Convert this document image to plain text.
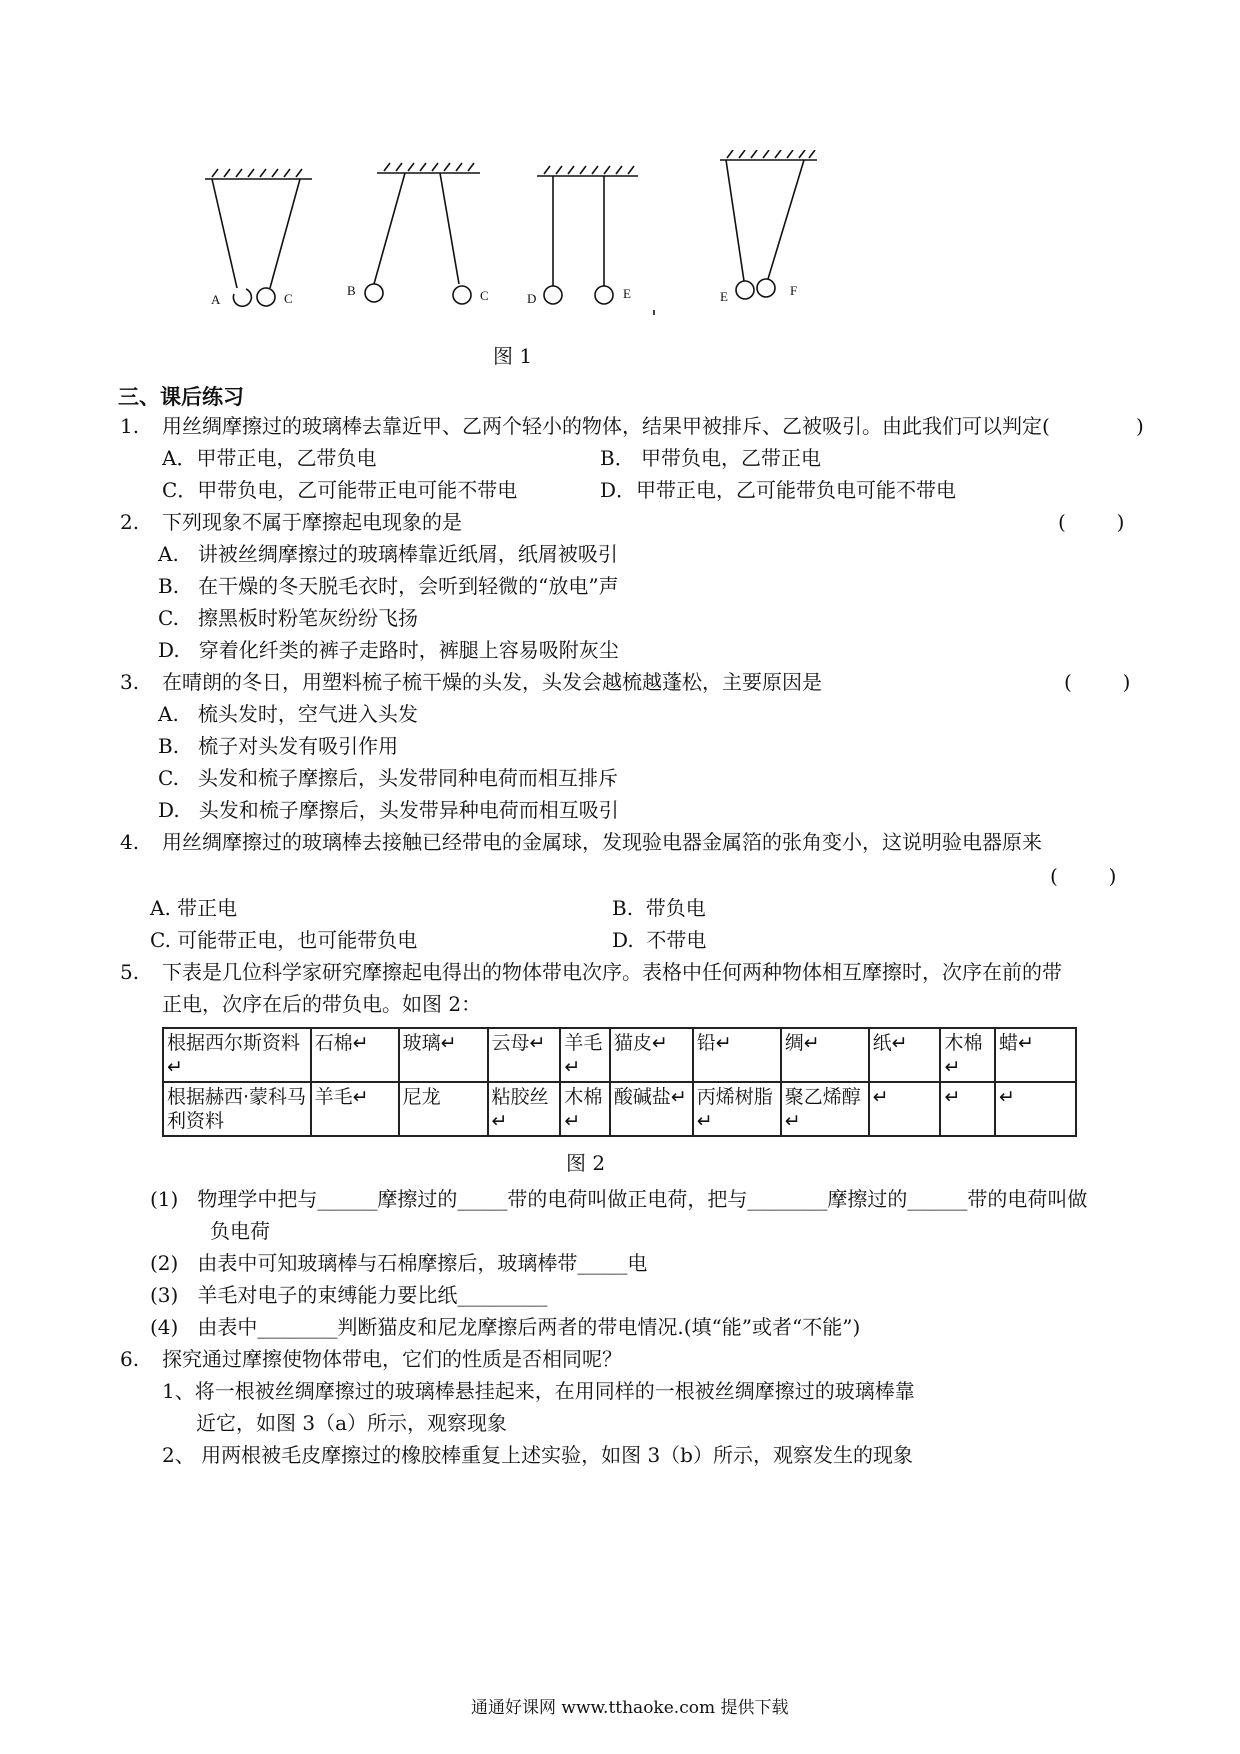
A	C
B	C	D	E	E	F
图 1
三、课后练习
1. 用丝绸摩擦过的玻璃棒去靠近甲、乙两个轻小的物体，结果甲被排斥、乙被吸引。由此我们可以判定(	)
A．甲带正电，乙带负电	B． 甲带负电，乙带正电
C．甲带负电，乙可能带正电可能不带电	D．甲带正电，乙可能带负电可能不带电
2. 下列现象不属于摩擦起电现象的是	(        )
A.   讲被丝绸摩擦过的玻璃棒靠近纸屑，纸屑被吸引
B.   在干燥的冬天脱毛衣时，会听到轻微的“放电”声
C.   擦黑板时粉笔灰纷纷飞扬
D.   穿着化纤类的裤子走路时，裤腿上容易吸附灰尘
3. 在晴朗的冬日，用塑料梳子梳干燥的头发，头发会越梳越蓬松，主要原因是	(        )
A.   梳头发时，空气进入头发
B.   梳子对头发有吸引作用
C.   头发和梳子摩擦后，头发带同种电荷而相互排斥
D.   头发和梳子摩擦后，头发带异种电荷而相互吸引
4. 用丝绸摩擦过的玻璃棒去接触已经带电的金属球，发现验电器金属箔的张角变小，这说明验电器原来
(        )
A. 带正电	B.  带负电
C. 可能带正电，也可能带负电	D.  不带电
5. 下表是几位科学家研究摩擦起电得出的物体带电次序。表格中任何两种物体相互摩擦时，次序在前的带
正电，次序在后的带负电。如图 2：
根据西尔斯资料↵	石棉↵	玻璃↵	云母↵	羊毛↵	猫皮↵	铅↵	绸↵	纸↵	木棉↵	蜡↵
根据赫西·蒙科马利资料	羊毛↵	尼龙	粘胶丝↵	木棉↵	酸碱盐↵	丙烯树脂↵	聚乙烯醇↵	↵	↵	↵
图 2
(1)   物理学中把与______摩擦过的_____带的电荷叫做正电荷，把与________摩擦过的______带的电荷叫做
负电荷
(2)   由表中可知玻璃棒与石棉摩擦后，玻璃棒带_____电
(3)   羊毛对电子的束缚能力要比纸_________
(4)   由表中________判断猫皮和尼龙摩擦后两者的带电情况.(填“能”或者“不能”)
6. 探究通过摩擦使物体带电，它们的性质是否相同呢？
1、将一根被丝绸摩擦过的玻璃棒悬挂起来，在用同样的一根被丝绸摩擦过的玻璃棒靠
近它，如图 3（a）所示，观察现象
2、 用两根被毛皮摩擦过的橡胶棒重复上述实验，如图 3（b）所示，观察发生的现象
通通好课网 www.tthaoke.com 提供下载
